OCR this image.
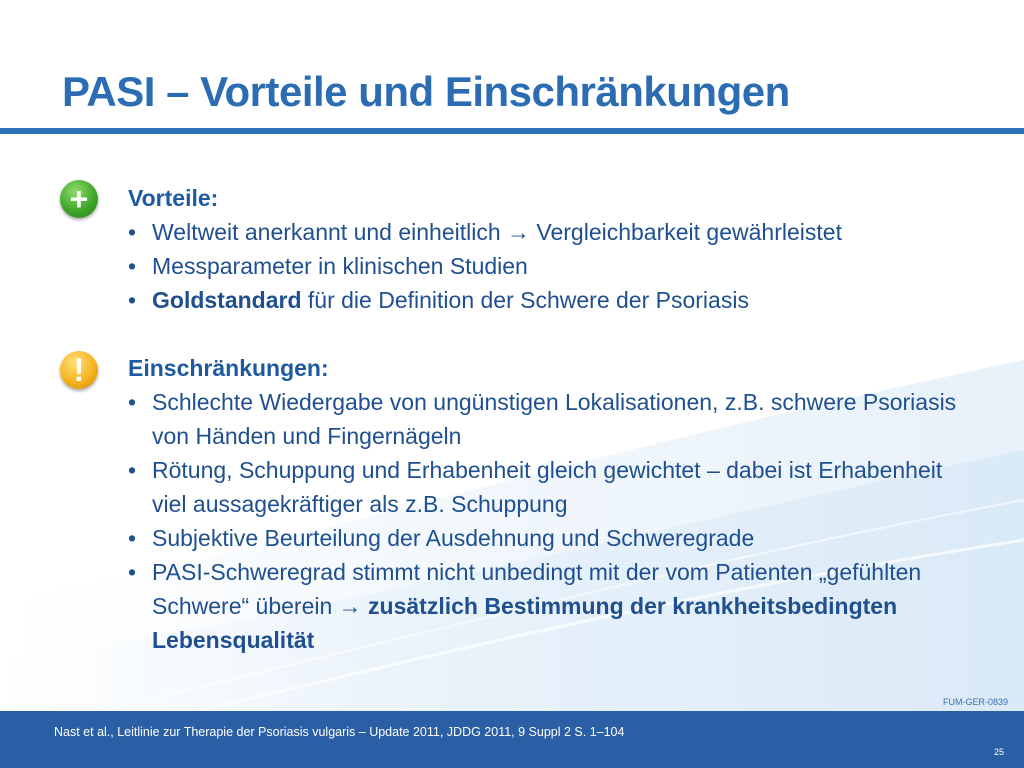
PASI – Vorteile und Einschränkungen
+
!
Vorteile:
• Weltweit anerkannt und einheitlich → Vergleichbarkeit gewährleistet
• Messparameter in klinischen Studien
• Goldstandard für die Definition der Schwere der Psoriasis
Einschränkungen:
• Schlechte Wiedergabe von ungünstigen Lokalisationen, z.B. schwere Psoriasis von Händen und Fingernägeln
• Rötung, Schuppung und Erhabenheit gleich gewichtet – dabei ist Erhabenheit viel aussagekräftiger als z.B. Schuppung
• Subjektive Beurteilung der Ausdehnung und Schweregrade
• PASI-Schweregrad stimmt nicht unbedingt mit der vom Patienten „gefühlten Schwere“ überein → zusätzlich Bestimmung der krankheitsbedingten Lebensqualität
FUM-GER-0839
Nast et al., Leitlinie zur Therapie der Psoriasis vulgaris – Update 2011, JDDG 2011, 9 Suppl 2 S. 1–104
25
